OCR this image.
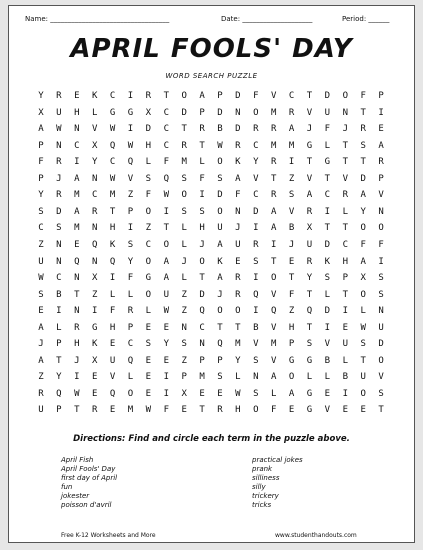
Name: __________________________________	Date: ____________________	Period: ______
APRIL FOOLS' DAY
WORD SEARCH PUZZLE
Y	R	E	K	C	I	R	T	O	A	P	D	F	V	C	T	D	O	F	P
X	U	H	L	G	G	X	C	D	P	D	N	O	M	R	V	U	N	T	I
A	W	N	V	W	I	D	C	T	R	B	D	R	R	A	J	F	J	R	E
P	N	C	X	Q	W	H	C	R	T	W	R	C	M	M	G	L	T	S	A
F	R	I	Y	C	Q	L	F	M	L	O	K	Y	R	I	T	G	T	T	R
P	J	A	N	W	V	S	Q	S	F	S	A	V	T	Z	V	T	V	D	P
Y	R	M	C	M	Z	F	W	O	I	D	F	C	R	S	A	C	R	A	V
S	D	A	R	T	P	O	I	S	S	O	N	D	A	V	R	I	L	Y	N
C	S	M	N	H	I	Z	T	L	H	U	J	I	A	B	X	T	T	O	O
Z	N	E	Q	K	S	C	O	L	J	A	U	R	I	J	U	D	C	F	F
U	N	Q	N	Q	Y	O	A	J	O	K	E	S	T	E	R	K	H	A	I
W	C	N	X	I	F	G	A	L	T	A	R	I	O	T	Y	S	P	X	S
S	B	T	Z	L	L	O	U	Z	D	J	R	Q	V	F	T	L	T	O	S
E	I	N	I	F	R	L	W	Z	Q	O	O	I	Q	Z	Q	D	I	L	N
A	L	R	G	H	P	E	E	N	C	T	T	B	V	H	T	I	E	W	U
J	P	H	K	E	C	S	Y	S	N	Q	M	V	M	P	S	V	U	S	D
A	T	J	X	U	Q	E	E	Z	P	P	Y	S	V	G	G	B	L	T	O
Z	Y	I	E	V	L	E	I	P	M	S	L	N	A	O	L	L	B	U	V
R	Q	W	E	Q	O	E	I	X	E	E	W	S	L	A	G	E	I	O	S
U	P	T	R	E	M	W	F	E	T	R	H	O	F	E	G	V	E	E	T
Directions: Find and circle each term in the puzzle above.
April Fish
April Fools' Day
first day of April
fun
jokester
poisson d'avril
practical jokes
prank
silliness
silly
trickery
tricks
Free K-12 Worksheets and More	www.studenthandouts.com
